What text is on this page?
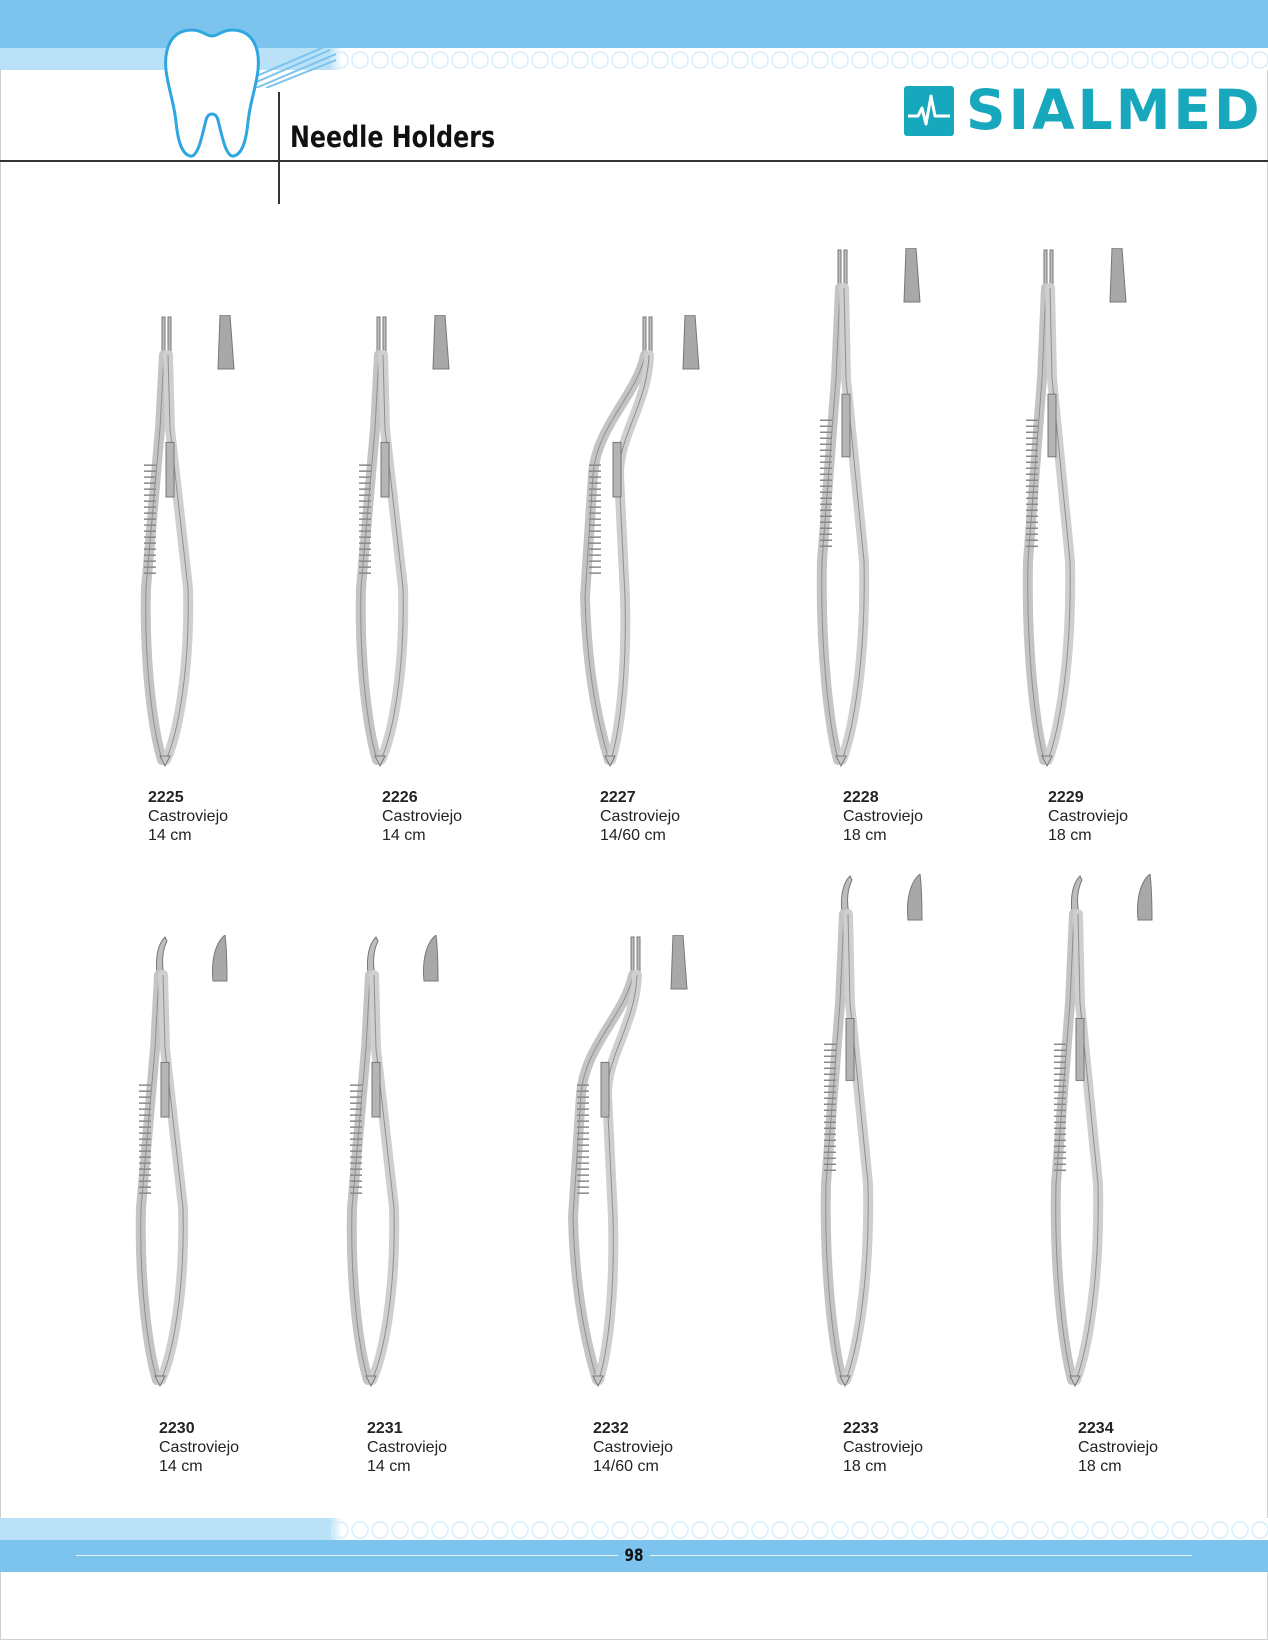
Needle Holders	SIALMED
2225
Castroviejo
14 cm
2226
Castroviejo
14 cm
2227
Castroviejo
14/60 cm
2228
Castroviejo
18 cm
2229
Castroviejo
18 cm
2230
Castroviejo
14 cm
2231
Castroviejo
14 cm
2232
Castroviejo
14/60 cm
2233
Castroviejo
18 cm
2234
Castroviejo
18 cm
98
